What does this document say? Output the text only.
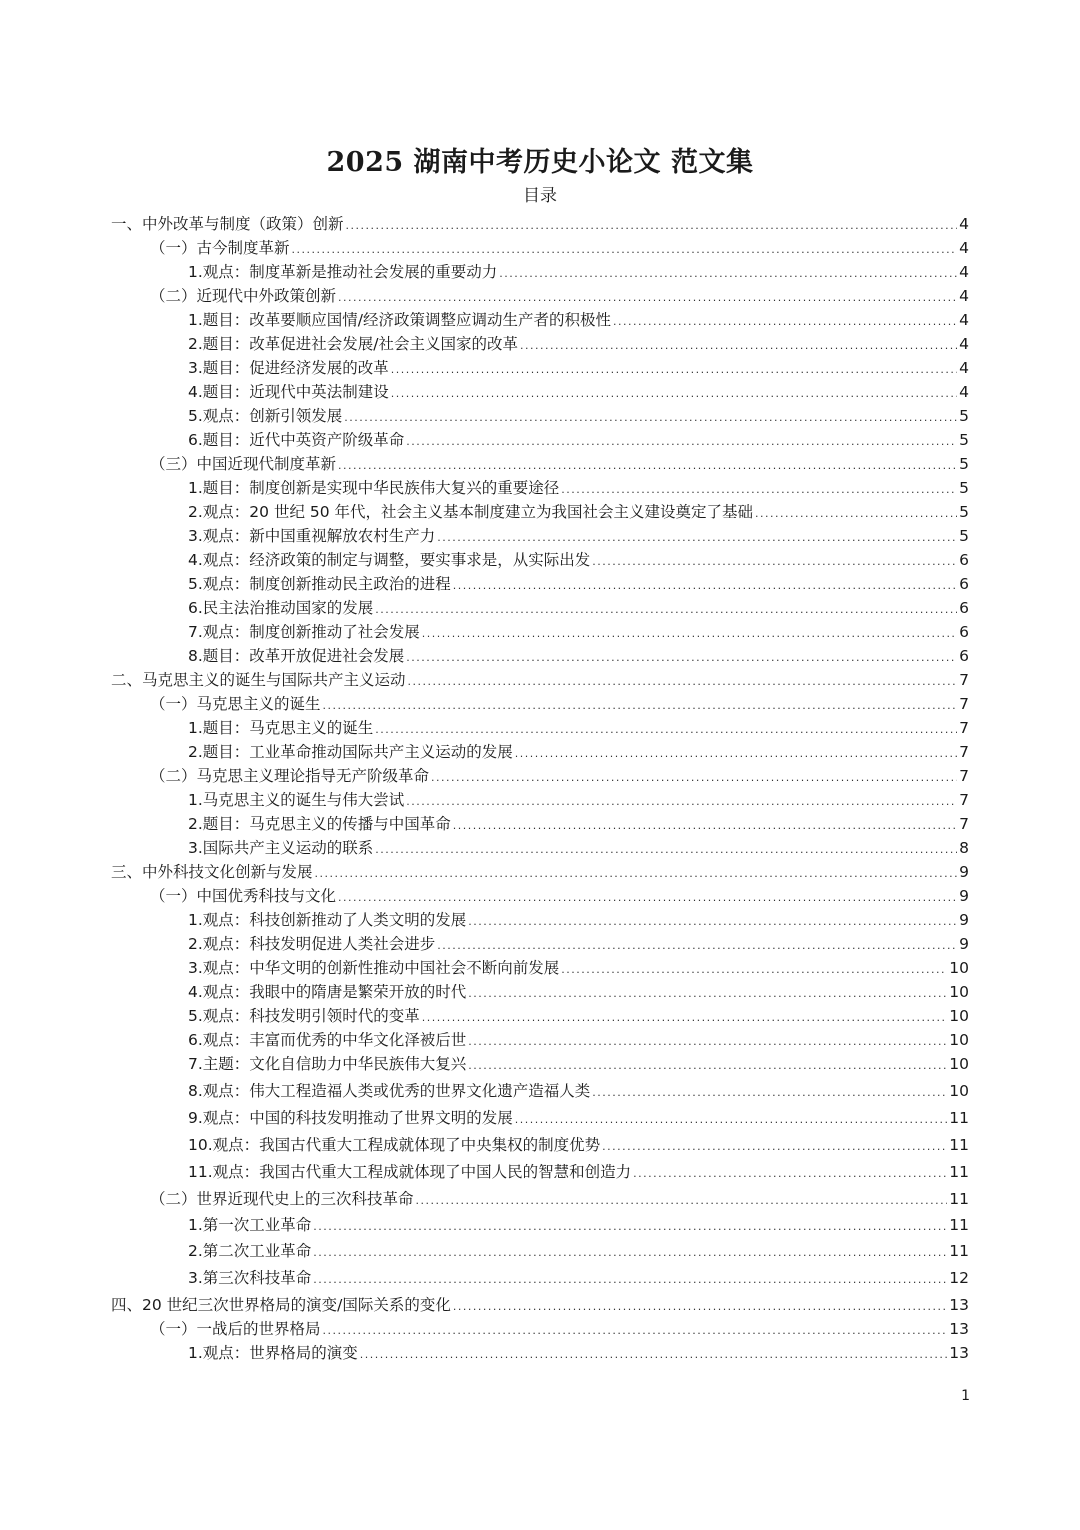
2025 湖南中考历史小论文 范文集
目录
一、中外改革与制度（政策）创新 .....	4
（一）古今制度革新 .....	4
1.观点：制度革新是推动社会发展的重要动力 .....	4
（二）近现代中外政策创新 .....	4
1.题目：改革要顺应国情/经济政策调整应调动生产者的积极性 .....	4
2.题目：改革促进社会发展/社会主义国家的改革 .....	4
3.题目：促进经济发展的改革 .....	4
4.题目：近现代中英法制建设 .....	4
5.观点：创新引领发展 .....	5
6.题目：近代中英资产阶级革命 .....	5
（三）中国近现代制度革新 .....	5
1.题目：制度创新是实现中华民族伟大复兴的重要途径 .....	5
2.观点：20 世纪 50 年代，社会主义基本制度建立为我国社会主义建设奠定了基础 .....	5
3.观点：新中国重视解放农村生产力 .....	5
4.观点：经济政策的制定与调整，要实事求是，从实际出发 .....	6
5.观点：制度创新推动民主政治的进程 .....	6
6.民主法治推动国家的发展 .....	6
7.观点：制度创新推动了社会发展 .....	6
8.题目：改革开放促进社会发展 .....	6
二、马克思主义的诞生与国际共产主义运动 .....	7
（一）马克思主义的诞生 .....	7
1.题目：马克思主义的诞生 .....	7
2.题目：工业革命推动国际共产主义运动的发展 .....	7
（二）马克思主义理论指导无产阶级革命 .....	7
1.马克思主义的诞生与伟大尝试 .....	7
2.题目：马克思主义的传播与中国革命 .....	7
3.国际共产主义运动的联系 .....	8
三、中外科技文化创新与发展 .....	9
（一）中国优秀科技与文化 .....	9
1.观点：科技创新推动了人类文明的发展 .....	9
2.观点：科技发明促进人类社会进步 .....	9
3.观点：中华文明的创新性推动中国社会不断向前发展 .....	10
4.观点：我眼中的隋唐是繁荣开放的时代 .....	10
5.观点：科技发明引领时代的变革 .....	10
6.观点：丰富而优秀的中华文化泽被后世 .....	10
7.主题：文化自信助力中华民族伟大复兴 .....	10
8.观点：伟大工程造福人类或优秀的世界文化遗产造福人类 .....	10
9.观点：中国的科技发明推动了世界文明的发展 .....	11
10.观点：我国古代重大工程成就体现了中央集权的制度优势 .....	11
11.观点：我国古代重大工程成就体现了中国人民的智慧和创造力 .....	11
（二）世界近现代史上的三次科技革命 .....	11
1.第一次工业革命 .....	11
2.第二次工业革命 .....	11
3.第三次科技革命 .....	12
四、20 世纪三次世界格局的演变/国际关系的变化 .....	13
（一）一战后的世界格局 .....	13
1.观点：世界格局的演变 .....	13
1
